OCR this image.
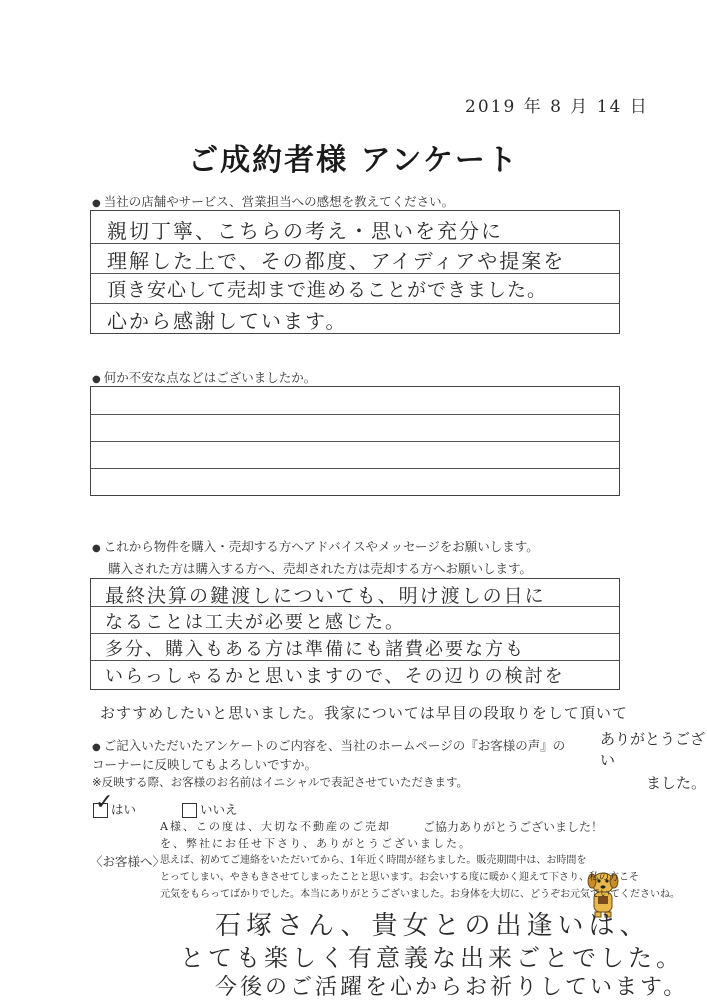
2019 年 8 月 14 日
ご成約者様 アンケート
● 当社の店舗やサービス、営業担当への感想を教えてください。
親切丁寧、こちらの考え・思いを充分に
理解した上で、その都度、アイディアや提案を
頂き安心して売却まで進めることができました。
心から感謝しています。
● 何か不安な点などはございましたか。
● これから物件を購入・売却する方へアドバイスやメッセージをお願いします。
購入された方は購入する方へ、売却された方は売却する方へお願いします。
最終決算の鍵渡しについても、明け渡しの日に
なることは工夫が必要と感じた。
多分、購入もある方は準備にも諸費必要な方も
いらっしゃるかと思いますので、その辺りの検討を
おすすめしたいと思いました。我家については早目の段取りをして頂いて
ありがとうござい
ました。
● ご記入いただいたアンケートのご内容を、当社のホームページの『お客様の声』の
コーナーに反映してもよろしいですか。
※反映する際、お客様のお名前はイニシャルで表記させていただきます。
はい
✓	いいえ
〈お客様へ〉
ご協力ありがとうございました！
A様、この度は、大切な不動産のご売却
を、弊社にお任せ下さり、ありがとうございました。
思えば、初めてご連絡をいただいてから、1年近く時間が経ちました。販売期間中は、お時間を
とってしまい、やきもきさせてしまったことと思います。お会いする度に暖かく迎えて下さり、私の方こそ
元気をもらってばかりでした。本当にありがとうございました。お身体を大切に、どうぞお元気でいてくださいね。
石塚さん、貴女との出逢いは、
とても楽しく有意義な出来ごとでした。
今後のご活躍を心からお祈りしています。
